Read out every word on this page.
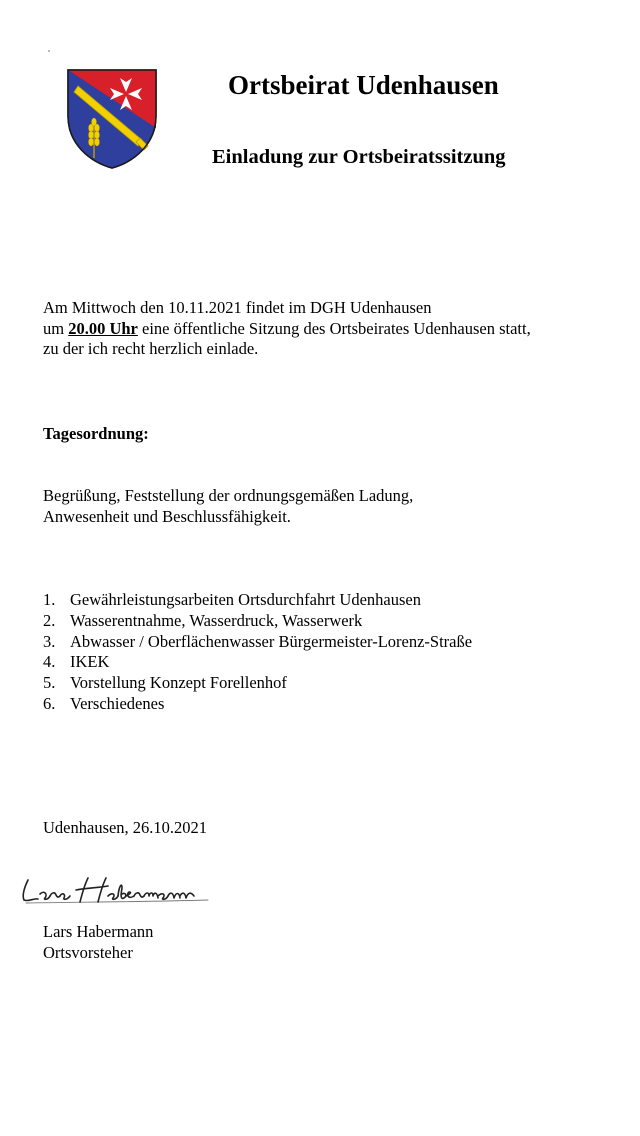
Ortsbeirat Udenhausen
Einladung zur Ortsbeiratssitzung
Am Mittwoch den 10.11.2021 findet im DGH Udenhausen
um 20.00 Uhr eine öffentliche Sitzung des Ortsbeirates Udenhausen statt,
zu der ich recht herzlich einlade.
Tagesordnung:
Begrüßung, Feststellung der ordnungsgemäßen Ladung,
Anwesenheit und Beschlussfähigkeit.
1. Gewährleistungsarbeiten Ortsdurchfahrt Udenhausen
2. Wasserentnahme, Wasserdruck, Wasserwerk
3. Abwasser / Oberflächenwasser Bürgermeister-Lorenz-Straße
4. IKEK
5. Vorstellung Konzept Forellenhof
6. Verschiedenes
Udenhausen, 26.10.2021
Lars Habermann
Ortsvorsteher
